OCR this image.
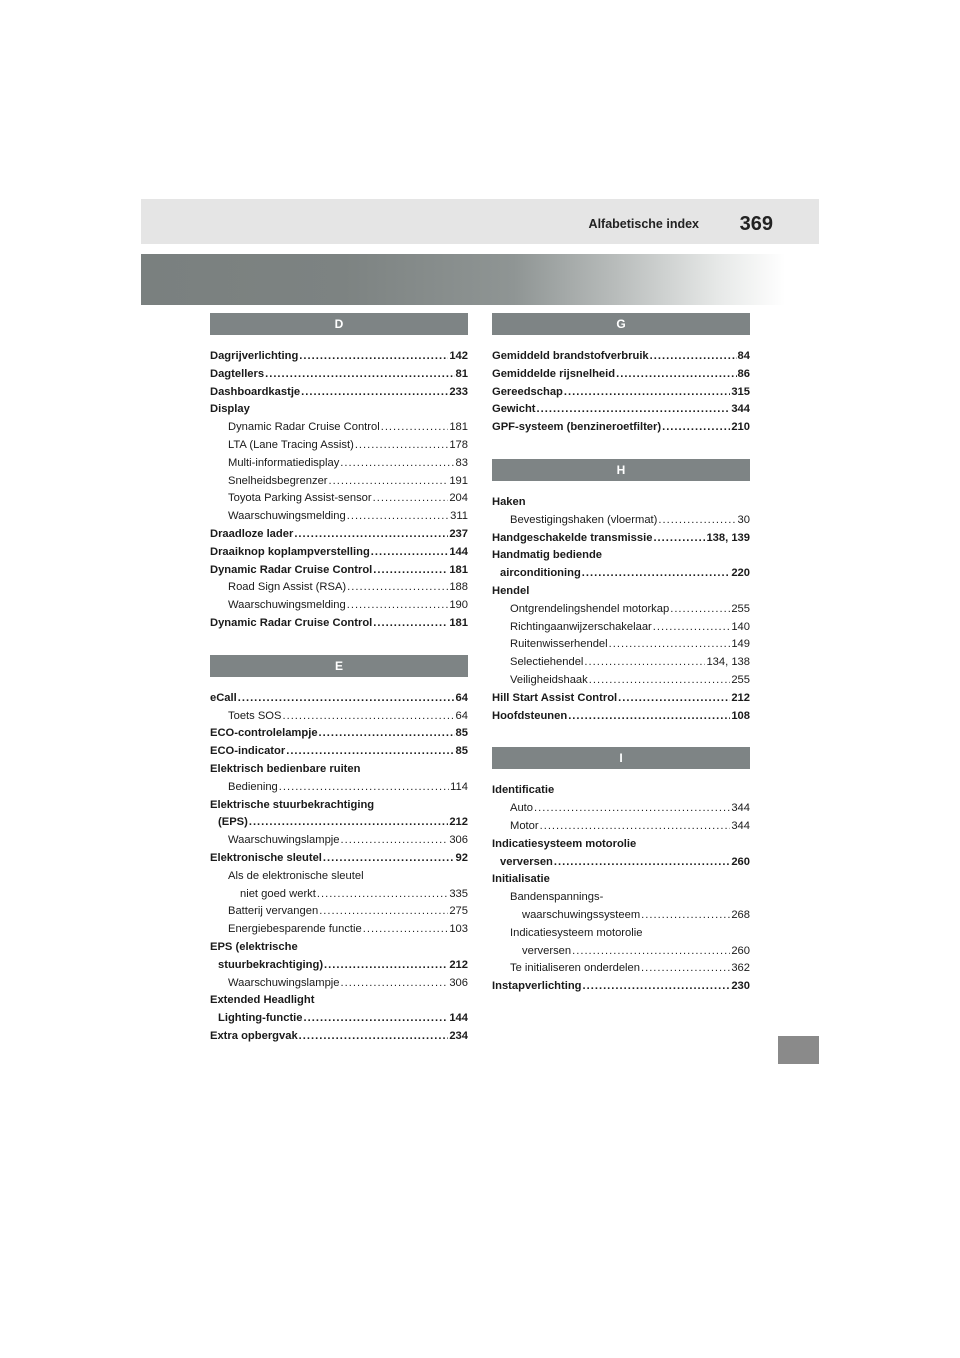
Alfabetische index 369
D
Dagrijverlichting .....	142
Dagtellers .....	81
Dashboardkastje .....	233
Display
Dynamic Radar Cruise Control .....	181
LTA (Lane Tracing Assist) .....	178
Multi-informatiedisplay .....	83
Snelheidsbegrenzer .....	191
Toyota Parking Assist-sensor .....	204
Waarschuwingsmelding .....	311
Draadloze lader .....	237
Draaiknop koplampverstelling .....	144
Dynamic Radar Cruise Control .....	181
Road Sign Assist (RSA) .....	188
Waarschuwingsmelding .....	190
Dynamic Radar Cruise Control .....	181
E
eCall .....	64
Toets SOS .....	64
ECO-controlelampje .....	85
ECO-indicator .....	85
Elektrisch bedienbare ruiten
Bediening .....	114
Elektrische stuurbekrachtiging
(EPS) .....	212
Waarschuwingslampje .....	306
Elektronische sleutel .....	92
Als de elektronische sleutel
niet goed werkt .....	335
Batterij vervangen .....	275
Energiebesparende functie .....	103
EPS (elektrische
stuurbekrachtiging) .....	212
Waarschuwingslampje .....	306
Extended Headlight
Lighting-functie .....	144
Extra opbergvak .....	234
G
Gemiddeld brandstofverbruik .....	84
Gemiddelde rijsnelheid .....	86
Gereedschap .....	315
Gewicht .....	344
GPF-systeem (benzineroetfilter) .....	210
H
Haken
Bevestigingshaken (vloermat) .....	30
Handgeschakelde transmissie .....	138, 139
Handmatig bediende
airconditioning .....	220
Hendel
Ontgrendelingshendel motorkap .....	255
Richtingaanwijzerschakelaar .....	140
Ruitenwisserhendel .....	149
Selectiehendel .....	134, 138
Veiligheidshaak .....	255
Hill Start Assist Control .....	212
Hoofdsteunen .....	108
I
Identificatie
Auto .....	344
Motor .....	344
Indicatiesysteem motorolie
verversen .....	260
Initialisatie
Bandenspannings-
waarschuwingssysteem .....	268
Indicatiesysteem motorolie
verversen .....	260
Te initialiseren onderdelen .....	362
Instapverlichting .....	230
